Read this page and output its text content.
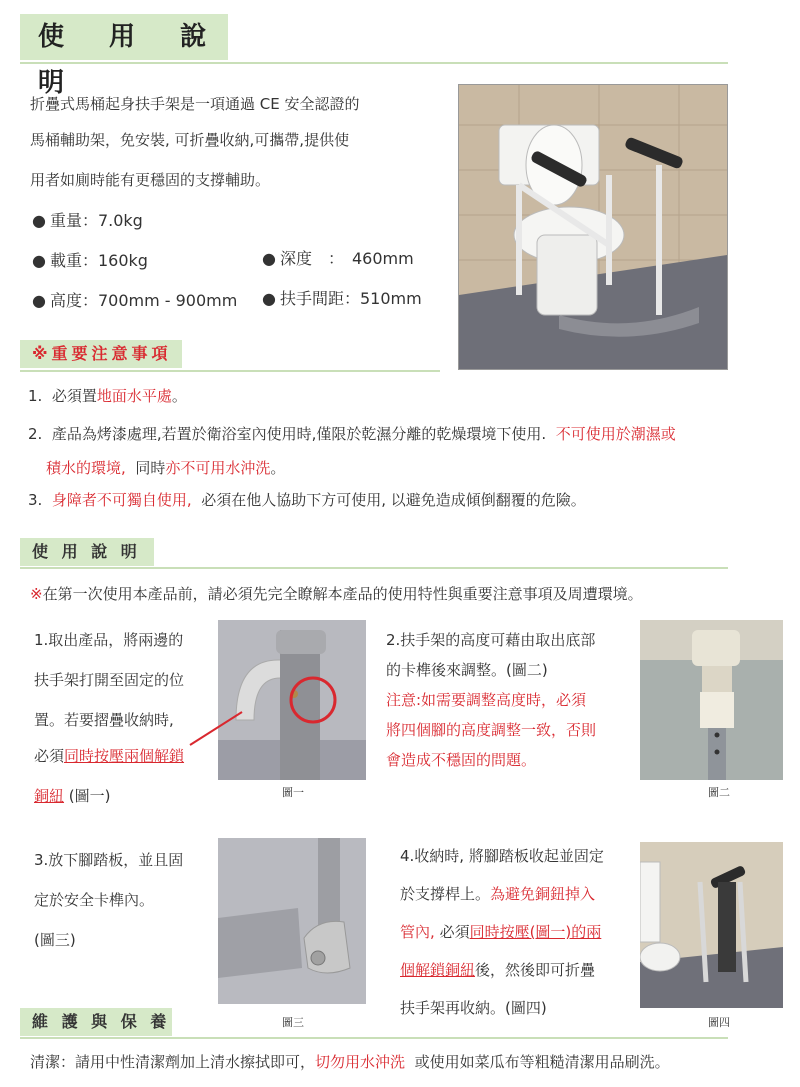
使 用 說 明
折疊式馬桶起身扶手架是一項通過 CE 安全認證的
馬桶輔助架，免安裝, 可折疊收納,可攜帶,提供使
用者如廁時能有更穩固的支撐輔助。
● 重量：7.0kg
● 載重：160kg	● 深度　：　460mm
● 高度：700mm - 900mm ● 扶手間距：510mm
※重要注意事項
1. 必須置地面水平處。
2. 產品為烤漆處理,若置於衛浴室內使用時,僅限於乾濕分離的乾燥環境下使用. 不可使用於潮濕或
積水的環境, 同時亦不可用水沖洗。
3. 身障者不可獨自使用, 必須在他人協助下方可使用, 以避免造成傾倒翻覆的危險。
使 用 說 明
※在第一次使用本產品前，請必須先完全瞭解本產品的使用特性與重要注意事項及周遭環境。
1.取出產品，將兩邊的
扶手架打開至固定的位
置。若要摺疊收納時,
必須同時按壓兩個解鎖
銅紐 (圖一)	圖一
2.扶手架的高度可藉由取出底部
的卡榫後來調整。(圖二)
注意:如需要調整高度時，必須
將四個腳的高度調整一致，否則
會造成不穩固的問題。
圖二
3.放下腳踏板，並且固
定於安全卡榫內。
(圖三)
圖三
4.收納時, 將腳踏板收起並固定
於支撐桿上。為避免銅鈕掉入
管內, 必須同時按壓(圖一)的兩
個解鎖銅紐後，然後即可折疊
扶手架再收納。(圖四)
圖四
維 護 與 保 養
清潔：請用中性清潔劑加上清水擦拭即可，切勿用水沖洗 或使用如菜瓜布等粗糙清潔用品刷洗。
